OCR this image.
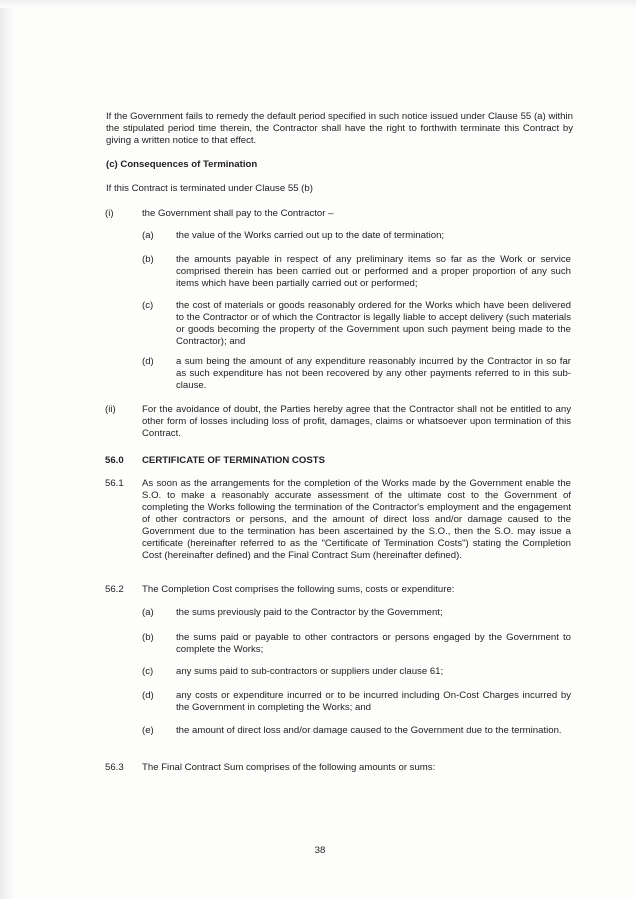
If the Government fails to remedy the default period specified in such notice issued under Clause 55 (a) within the stipulated period time therein, the Contractor shall have the right to forthwith terminate this Contract by giving a written notice to that effect.
(c) Consequences of Termination
If this Contract is terminated under Clause 55 (b)
(i)	the Government shall pay to the Contractor –
(a) the value of the Works carried out up to the date of termination;
(b) the amounts payable in respect of any preliminary items so far as the Work or service comprised therein has been carried out or performed and a proper proportion of any such items which have been partially carried out or performed;
(c) the cost of materials or goods reasonably ordered for the Works which have been delivered to the Contractor or of which the Contractor is legally liable to accept delivery (such materials or goods becoming the property of the Government upon such payment being made to the Contractor); and
(d) a sum being the amount of any expenditure reasonably incurred by the Contractor in so far as such expenditure has not been recovered by any other payments referred to in this sub-clause.
(ii)	For the avoidance of doubt, the Parties hereby agree that the Contractor shall not be entitled to any other form of losses including loss of profit, damages, claims or whatsoever upon termination of this Contract.
56.0 CERTIFICATE OF TERMINATION COSTS
56.1 As soon as the arrangements for the completion of the Works made by the Government enable the S.O. to make a reasonably accurate assessment of the ultimate cost to the Government of completing the Works following the termination of the Contractor's employment and the engagement of other contractors or persons, and the amount of direct loss and/or damage caused to the Government due to the termination has been ascertained by the S.O., then the S.O. may issue a certificate (hereinafter referred to as the "Certificate of Termination Costs") stating the Completion Cost (hereinafter defined) and the Final Contract Sum (hereinafter defined).
56.2 The Completion Cost comprises the following sums, costs or expenditure:
(a) the sums previously paid to the Contractor by the Government;
(b) the sums paid or payable to other contractors or persons engaged by the Government to complete the Works;
(c) any sums paid to sub-contractors or suppliers under clause 61;
(d) any costs or expenditure incurred or to be incurred including On-Cost Charges incurred by the Government in completing the Works; and
(e) the amount of direct loss and/or damage caused to the Government due to the termination.
56.3 The Final Contract Sum comprises of the following amounts or sums:
38
